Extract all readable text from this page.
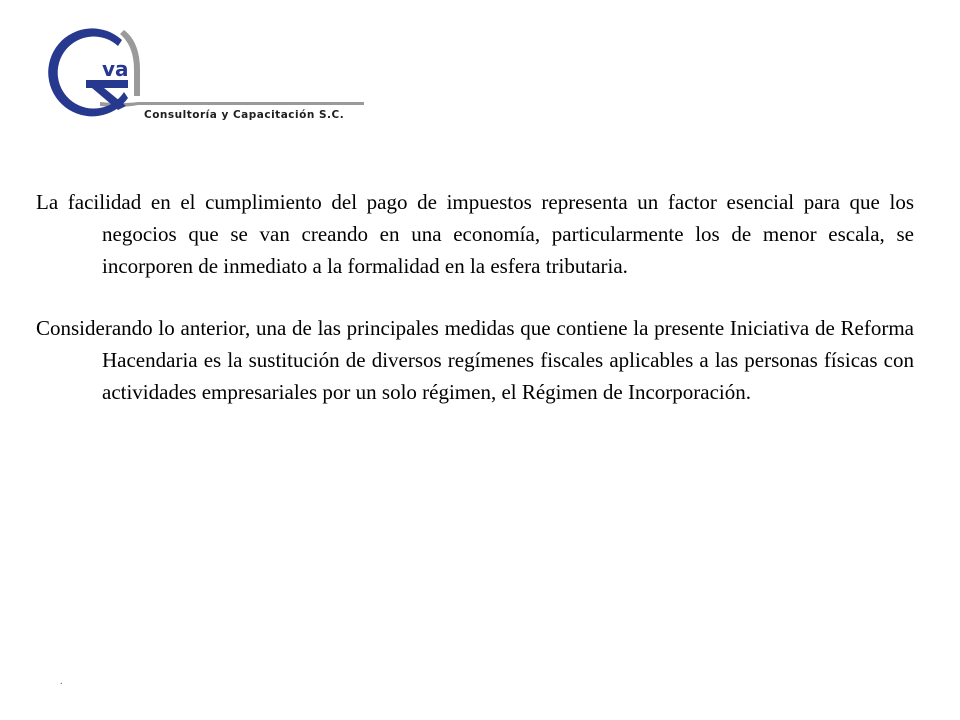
va
Consultoría y Capacitación S.C.

La facilidad en el cumplimiento del pago de impuestos representa un factor esencial para que los negocios que se van creando en una economía, particularmente los de menor escala, se incorporen de inmediato a la formalidad en la esfera tributaria.

Considerando lo anterior, una de las principales medidas que contiene la presente Iniciativa de Reforma Hacendaria es la sustitución de diversos regímenes fiscales aplicables a las personas físicas con actividades empresariales por un solo régimen, el Régimen de Incorporación.

.
